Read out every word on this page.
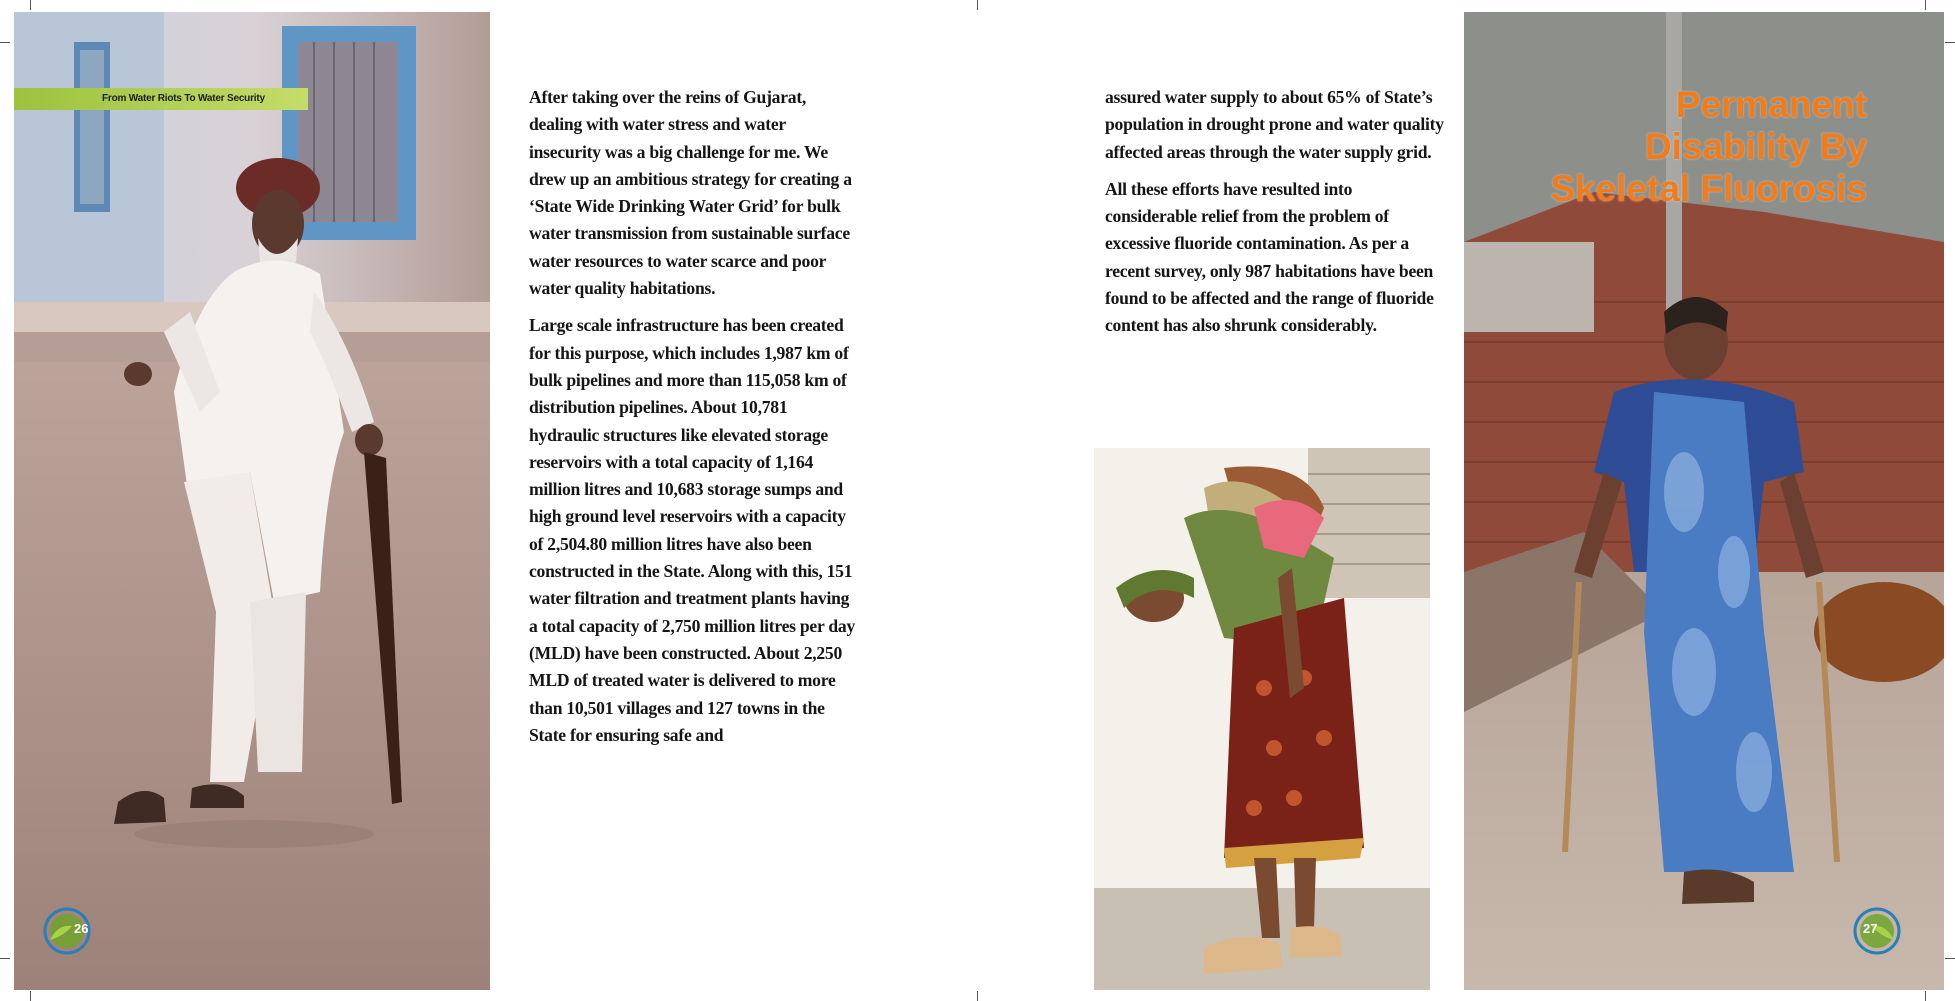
From Water Riots To Water Security
26

After taking over the reins of Gujarat, dealing with water stress and water insecurity was a big challenge for me. We drew up an ambitious strategy for creating a ‘State Wide Drinking Water Grid’ for bulk water transmission from sustainable surface water resources to water scarce and poor water quality habitations.

Large scale infrastructure has been created for this purpose, which includes 1,987 km of bulk pipelines and more than 115,058 km of distribution pipelines. About 10,781 hydraulic structures like elevated storage reservoirs with a total capacity of 1,164 million litres and 10,683 storage sumps and high ground level reservoirs with a capacity of 2,504.80 million litres have also been constructed in the State. Along with this, 151 water filtration and treatment plants having a total capacity of 2,750 million litres per day (MLD) have been constructed. About 2,250 MLD of treated water is delivered to more than 10,501 villages and 127 towns in the State for ensuring safe and

assured water supply to about 65% of State’s population in drought prone and water quality affected areas through the water supply grid.

All these efforts have resulted into considerable relief from the problem of excessive fluoride contamination. As per a recent survey, only 987 habitations have been found to be affected and the range of fluoride content has also shrunk considerably.

Permanent
Disability By
Skeletal Fluorosis
27
